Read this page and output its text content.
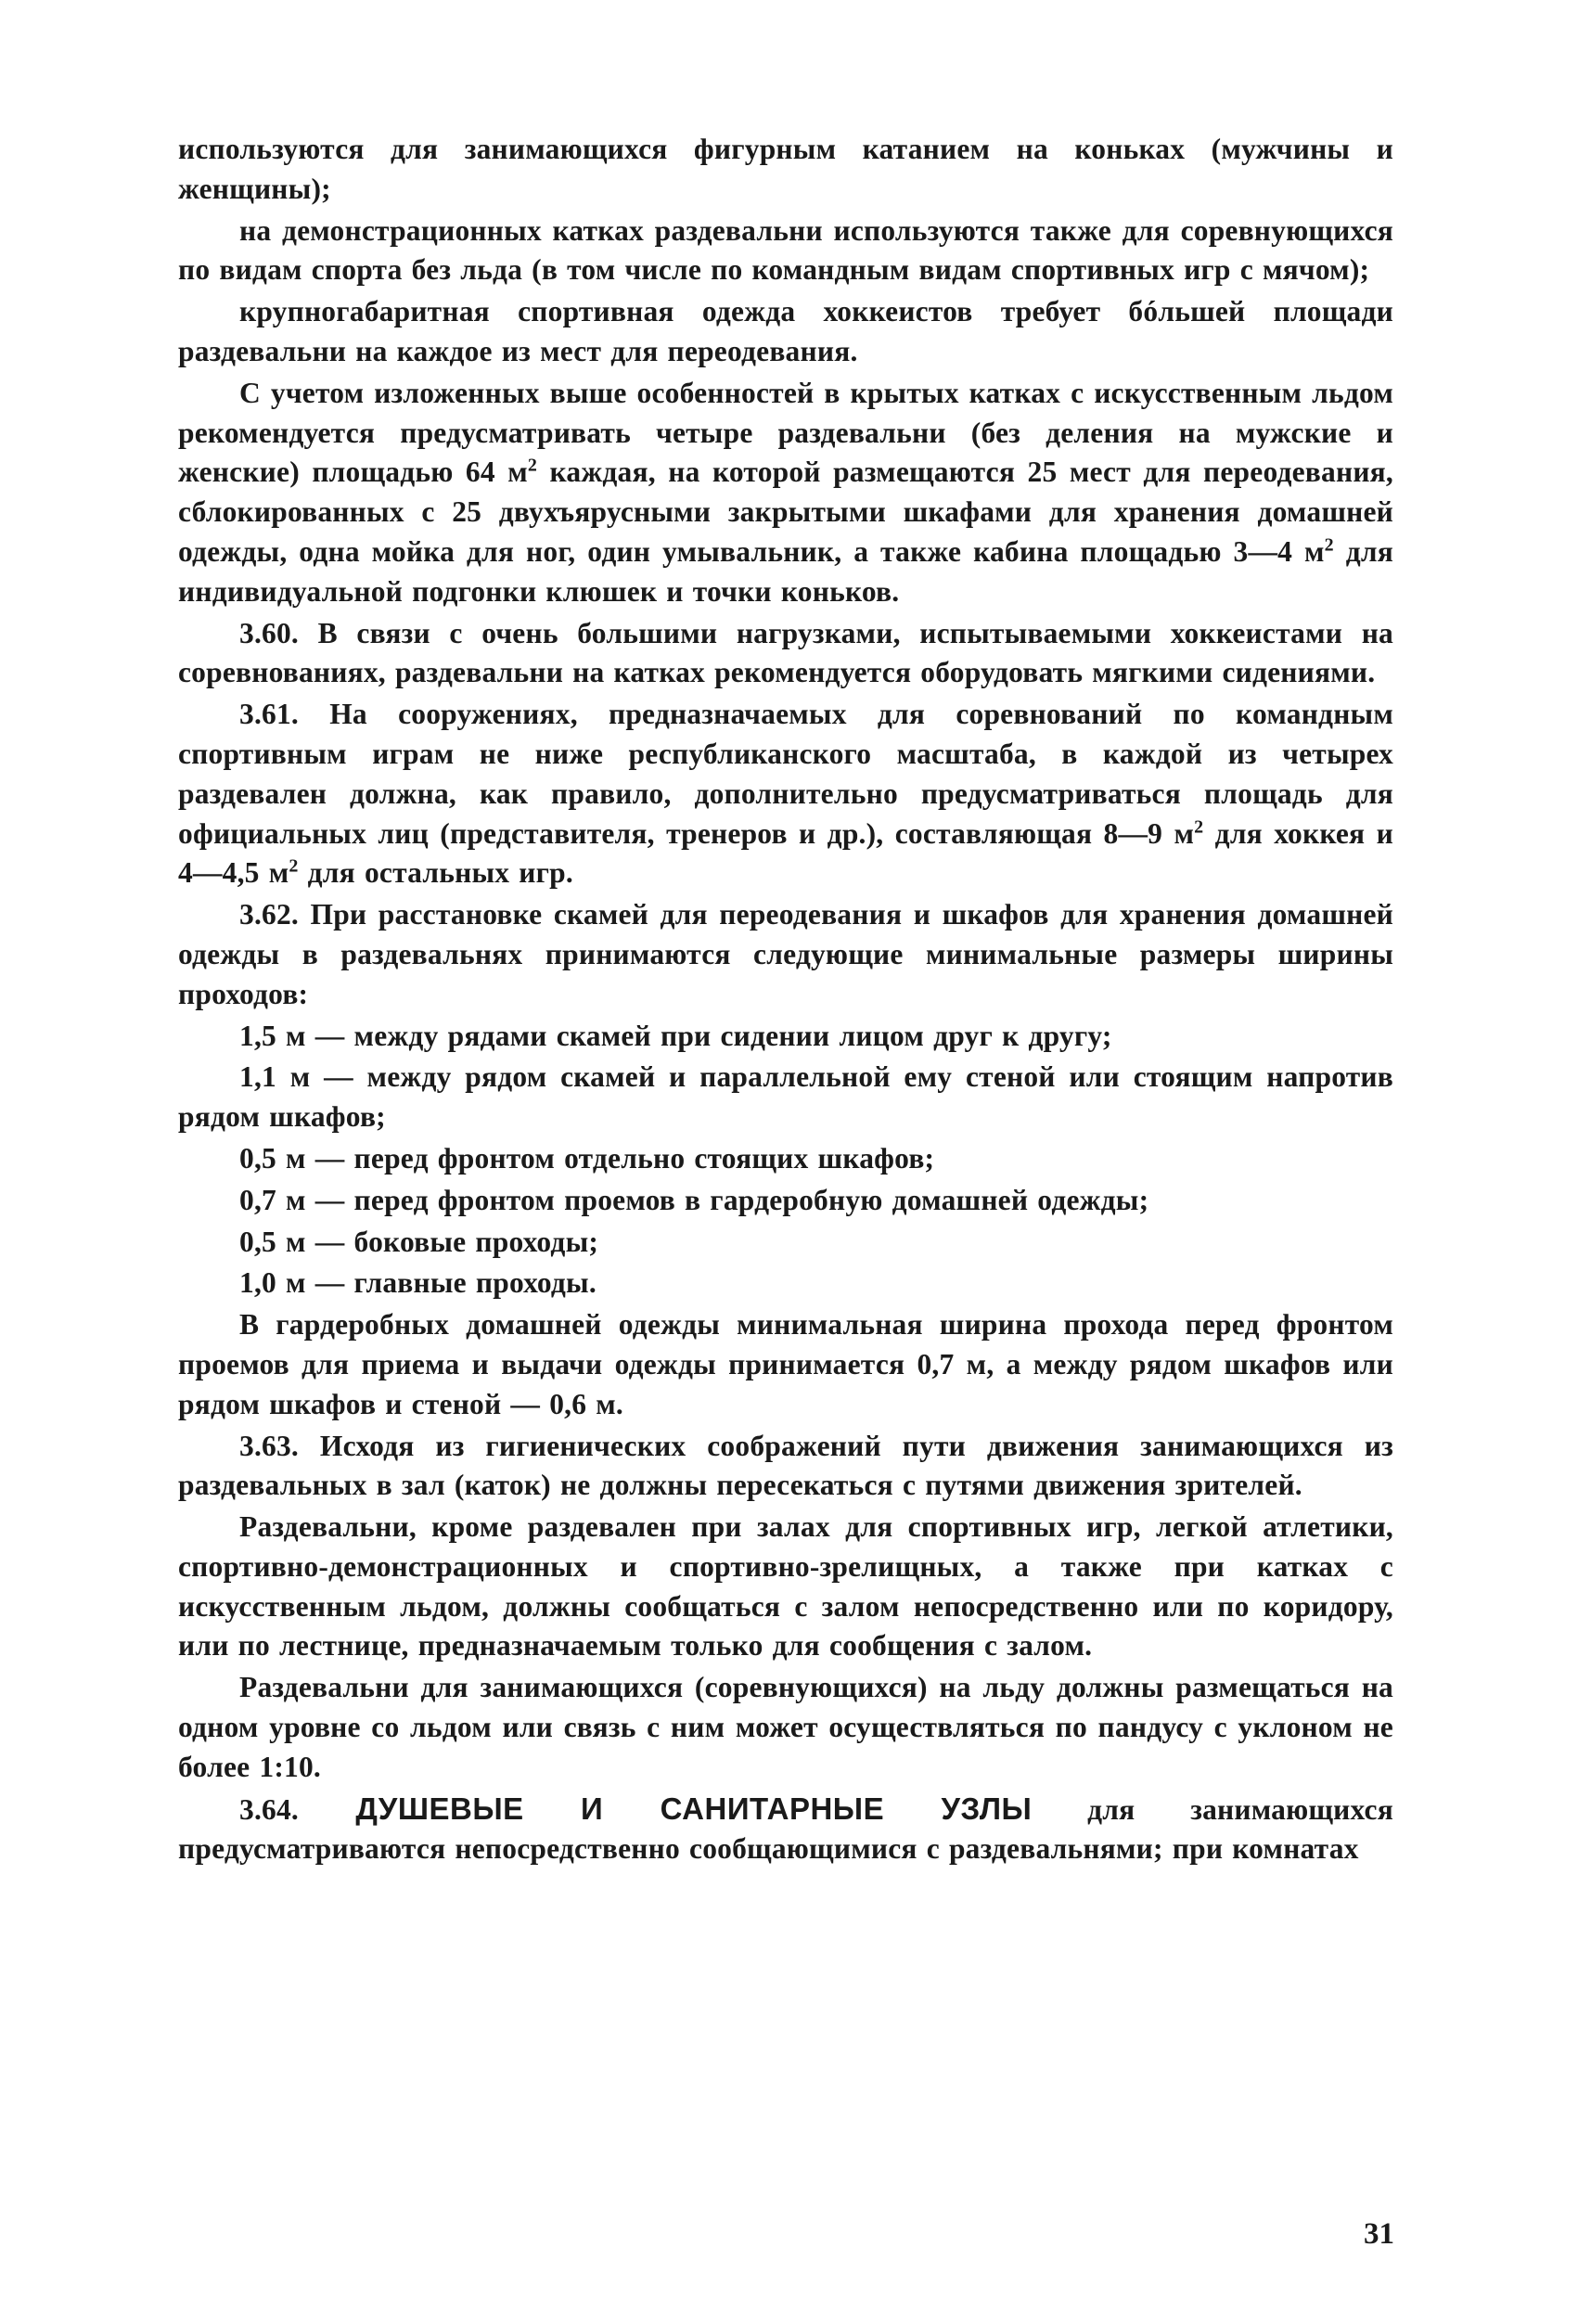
используются для занимающихся фигурным катанием на коньках (мужчины и женщины);

на демонстрационных катках раздевальни используются также для соревнующихся по видам спорта без льда (в том числе по командным видам спортивных игр с мячом);

крупногабаритная спортивная одежда хоккеистов требует бóльшей площади раздевальни на каждое из мест для переодевания.

С учетом изложенных выше особенностей в крытых катках с искусственным льдом рекомендуется предусматривать четыре раздевальни (без деления на мужские и женские) площадью 64 $м^2$ каждая, на которой размещаются 25 мест для переодевания, сблокированных с 25 двухъярусными закрытыми шкафами для хранения домашней одежды, одна мойка для ног, один умывальник, а также кабина площадью 3—4 $м^2$ для индивидуальной подгонки клюшек и точки коньков.

3.60. В связи с очень большими нагрузками, испытываемыми хоккеистами на соревнованиях, раздевальни на катках рекомендуется оборудовать мягкими сидениями.

3.61. На сооружениях, предназначаемых для соревнований по командным спортивным играм не ниже республиканского масштаба, в каждой из четырех раздевален должна, как правило, дополнительно предусматриваться площадь для официальных лиц (представителя, тренеров и др.), составляющая 8—9 $м^2$ для хоккея и 4—4,5 $м^2$ для остальных игр.

3.62. При расстановке скамей для переодевания и шкафов для хранения домашней одежды в раздевальнях принимаются следующие минимальные размеры ширины проходов:

1,5 м — между рядами скамей при сидении лицом друг к другу;

1,1 м — между рядом скамей и параллельной ему стеной или стоящим напротив рядом шкафов;

0,5 м — перед фронтом отдельно стоящих шкафов;

0,7 м — перед фронтом проемов в гардеробную домашней одежды;

0,5 м — боковые проходы;

1,0 м — главные проходы.

В гардеробных домашней одежды минимальная ширина прохода перед фронтом проемов для приема и выдачи одежды принимается 0,7 м, а между рядом шкафов или рядом шкафов и стеной — 0,6 м.

3.63. Исходя из гигиенических соображений пути движения занимающихся из раздевальных в зал (каток) не должны пересекаться с путями движения зрителей.

Раздевальни, кроме раздевален при залах для спортивных игр, легкой атлетики, спортивно-демонстрационных и спортивно-зрелищных, а также при катках с искусственным льдом, должны сообщаться с залом непосредственно или по коридору, или по лестнице, предназначаемым только для сообщения с залом.

Раздевальни для занимающихся (соревнующихся) на льду должны размещаться на одном уровне со льдом или связь с ним может осуществляться по пандусу с уклоном не более 1:10.

3.64. ДУШЕВЫЕ И САНИТАРНЫЕ УЗЛЫ для занимающихся предусматриваются непосредственно сообщающимися с раздевальнями; при комнатах

31
